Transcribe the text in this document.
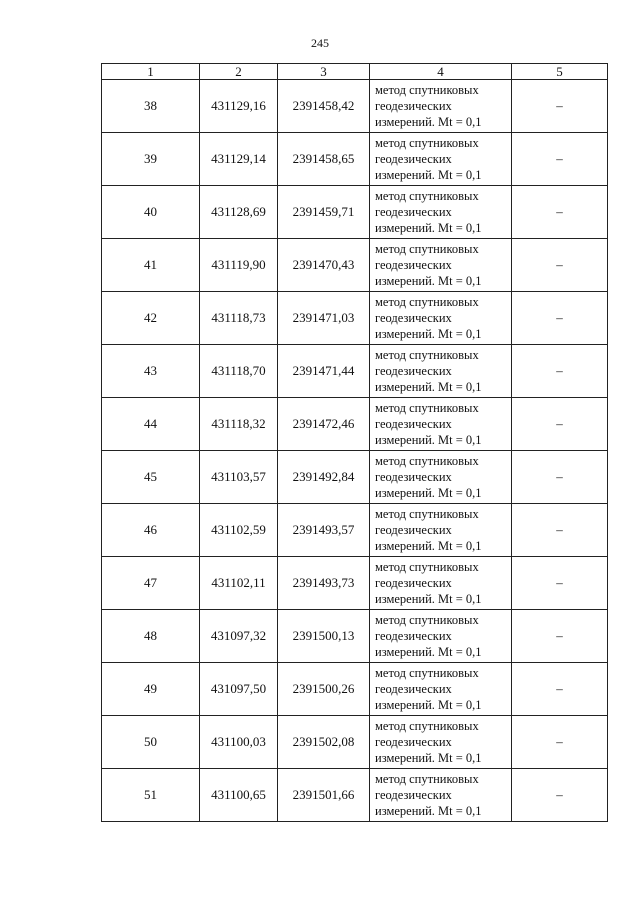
245
1	2	3	4	5
38	431129,16	2391458,42	метод спутниковых
геодезических
измерений. Mt = 0,1	–
39	431129,14	2391458,65	метод спутниковых
геодезических
измерений. Mt = 0,1	–
40	431128,69	2391459,71	метод спутниковых
геодезических
измерений. Mt = 0,1	–
41	431119,90	2391470,43	метод спутниковых
геодезических
измерений. Mt = 0,1	–
42	431118,73	2391471,03	метод спутниковых
геодезических
измерений. Mt = 0,1	–
43	431118,70	2391471,44	метод спутниковых
геодезических
измерений. Mt = 0,1	–
44	431118,32	2391472,46	метод спутниковых
геодезических
измерений. Mt = 0,1	–
45	431103,57	2391492,84	метод спутниковых
геодезических
измерений. Mt = 0,1	–
46	431102,59	2391493,57	метод спутниковых
геодезических
измерений. Mt = 0,1	–
47	431102,11	2391493,73	метод спутниковых
геодезических
измерений. Mt = 0,1	–
48	431097,32	2391500,13	метод спутниковых
геодезических
измерений. Mt = 0,1	–
49	431097,50	2391500,26	метод спутниковых
геодезических
измерений. Mt = 0,1	–
50	431100,03	2391502,08	метод спутниковых
геодезических
измерений. Mt = 0,1	–
51	431100,65	2391501,66	метод спутниковых
геодезических
измерений. Mt = 0,1	–
